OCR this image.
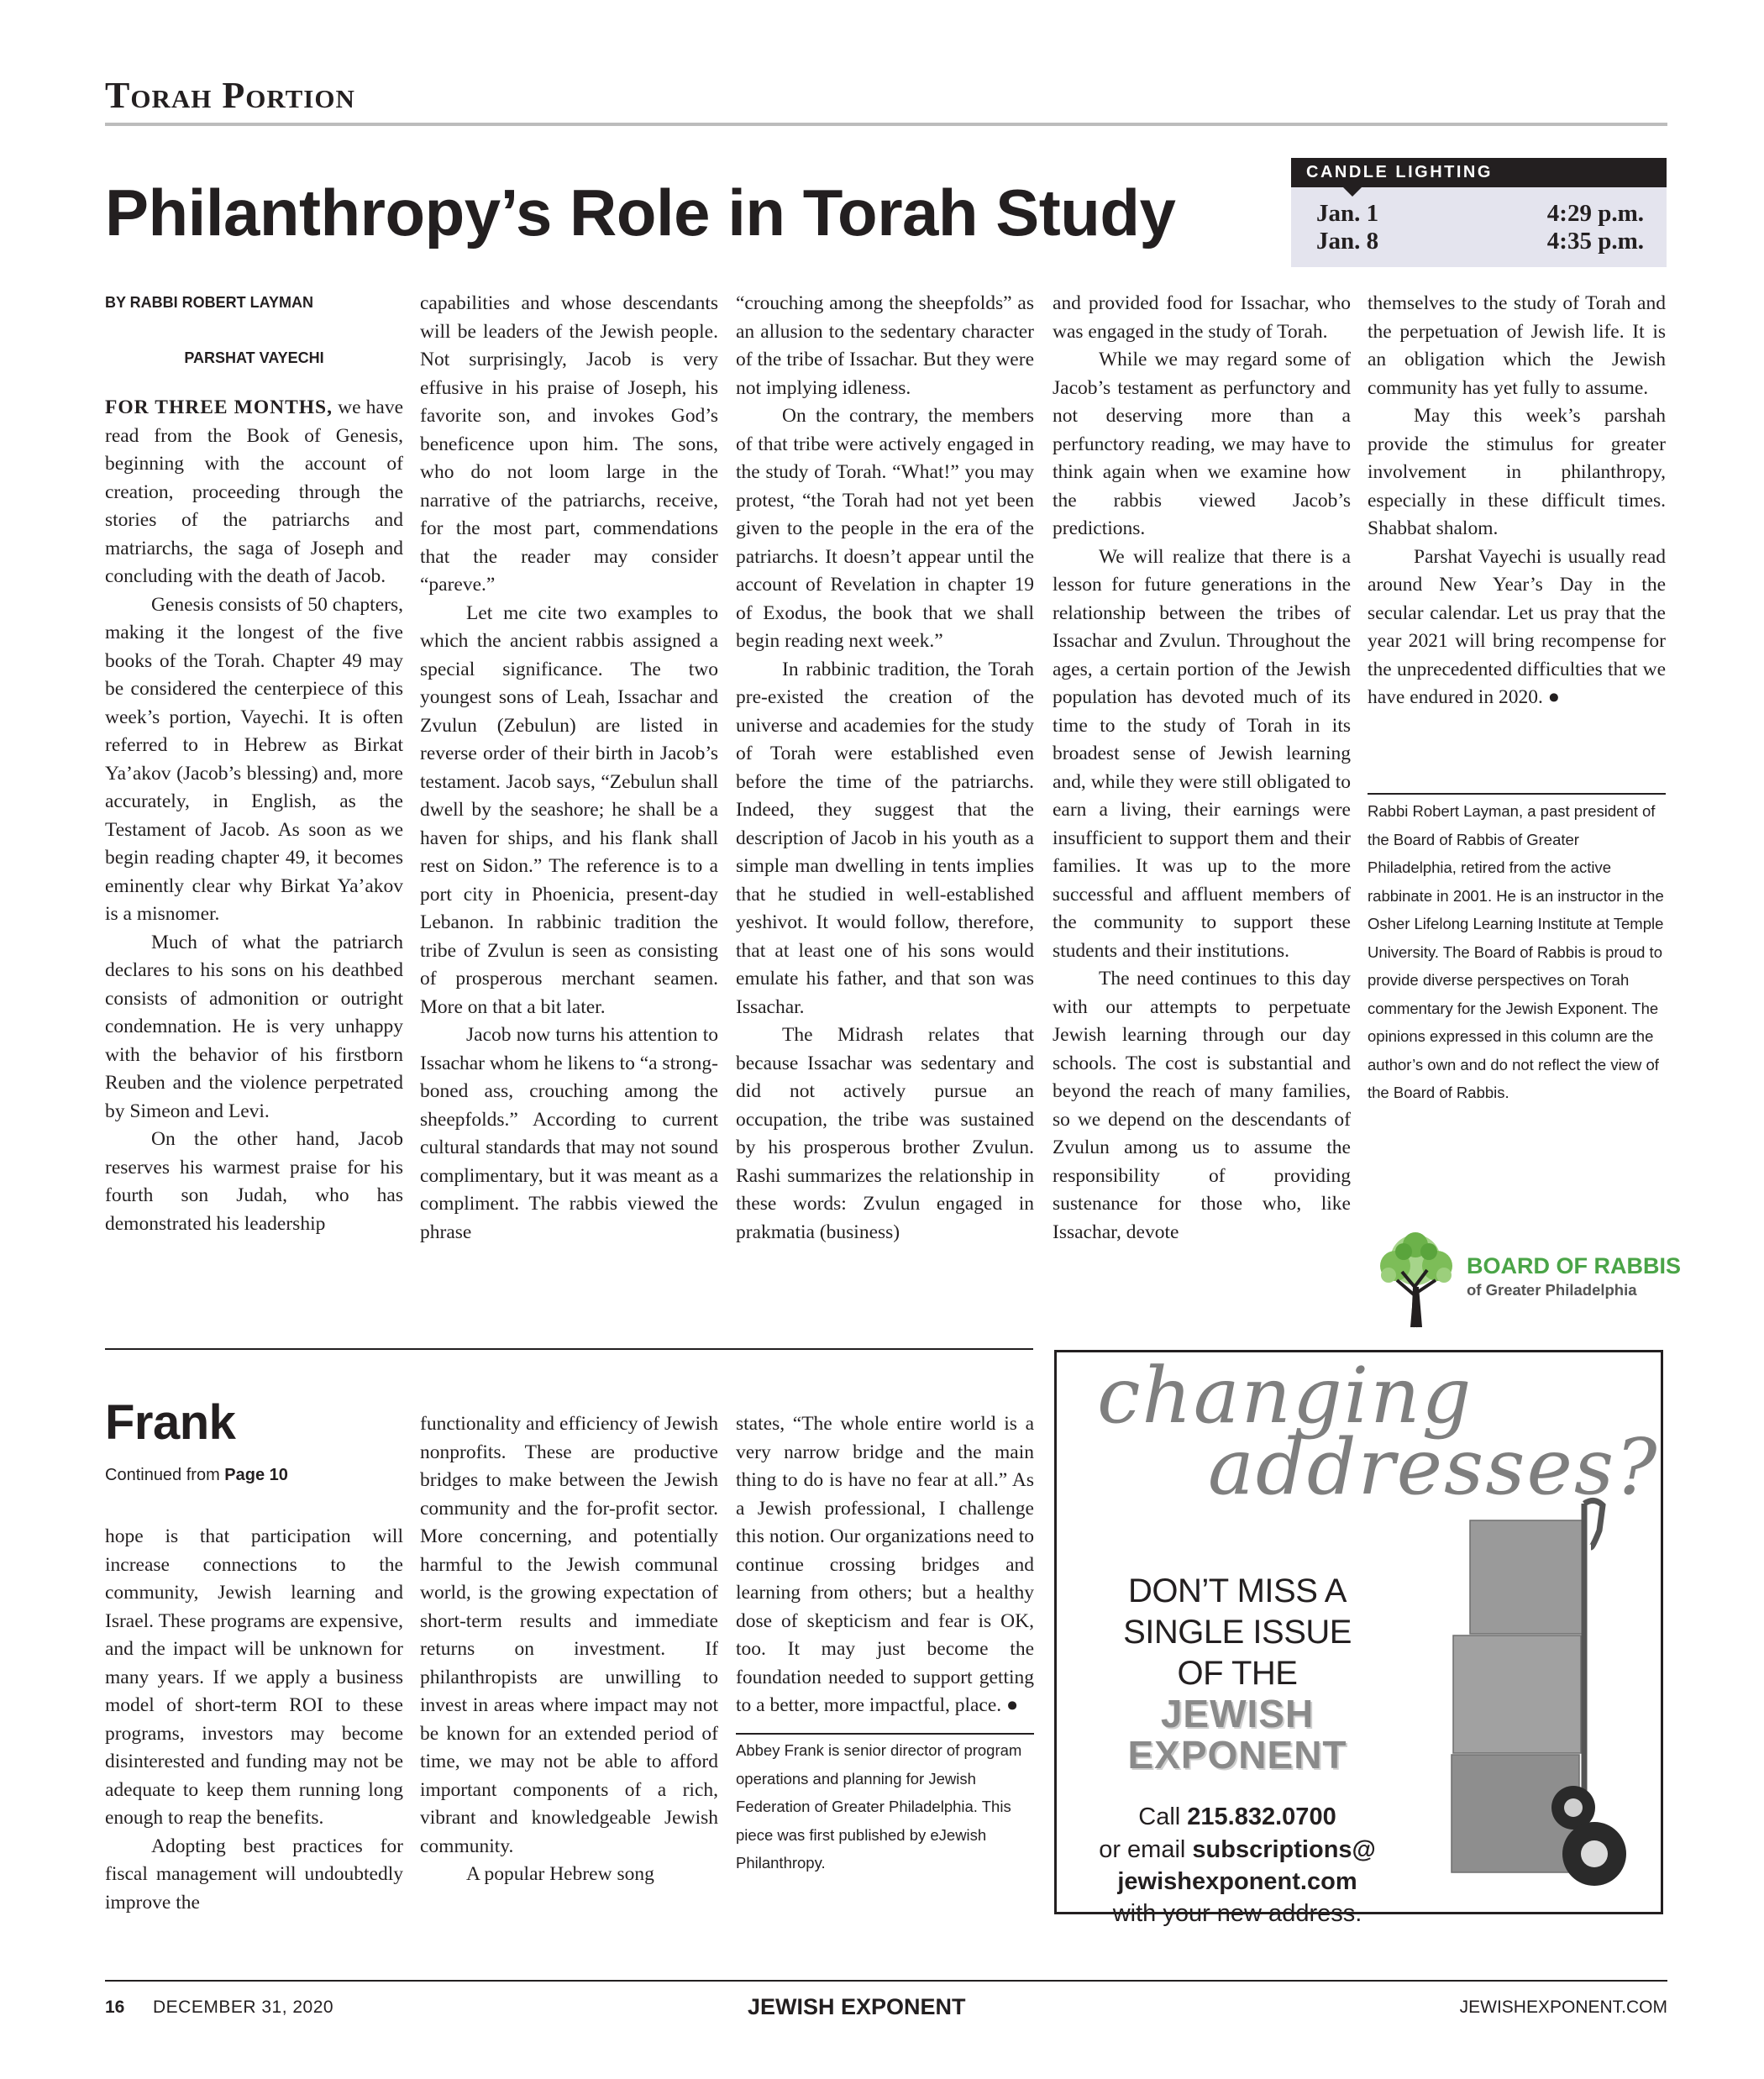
Torah Portion
Philanthropy’s Role in Torah Study
CANDLE LIGHTING
Jan. 1	4:29 p.m.
Jan. 8	4:35 p.m.
BY RABBI ROBERT LAYMAN
PARSHAT VAYECHI

FOR THREE MONTHS, we have read from the Book of Genesis, beginning with the account of creation, proceeding through the stories of the patriarchs and matriarchs, the saga of Joseph and concluding with the death of Jacob.

Genesis consists of 50 chapters, making it the longest of the five books of the Torah. Chapter 49 may be considered the centerpiece of this week’s portion, Vayechi. It is often referred to in Hebrew as Birkat Ya’akov (Jacob’s blessing) and, more accurately, in English, as the Testament of Jacob. As soon as we begin reading chapter 49, it becomes eminently clear why Birkat Ya’akov is a misnomer.

Much of what the patriarch declares to his sons on his deathbed consists of admonition or outright condemnation. He is very unhappy with the behavior of his firstborn Reuben and the violence perpetrated by Simeon and Levi.

On the other hand, Jacob reserves his warmest praise for his fourth son Judah, who has demonstrated his leadership

capabilities and whose descendants will be leaders of the Jewish people. Not surprisingly, Jacob is very effusive in his praise of Joseph, his favorite son, and invokes God’s beneficence upon him. The sons, who do not loom large in the narrative of the patriarchs, receive, for the most part, commendations that the reader may consider “pareve.”

Let me cite two examples to which the ancient rabbis assigned a special significance. The two youngest sons of Leah, Issachar and Zvulun (Zebulun) are listed in reverse order of their birth in Jacob’s testament. Jacob says, “Zebulun shall dwell by the seashore; he shall be a haven for ships, and his flank shall rest on Sidon.” The reference is to a port city in Phoenicia, present-day Lebanon. In rabbinic tradition the tribe of Zvulun is seen as consisting of prosperous merchant seamen. More on that a bit later.

Jacob now turns his attention to Issachar whom he likens to “a strong-boned ass, crouching among the sheepfolds.” According to current cultural standards that may not sound complimentary, but it was meant as a compliment. The rabbis viewed the phrase

“crouching among the sheepfolds” as an allusion to the sedentary character of the tribe of Issachar. But they were not implying idleness.

On the contrary, the members of that tribe were actively engaged in the study of Torah. “What!” you may protest, “the Torah had not yet been given to the people in the era of the patriarchs. It doesn’t appear until the account of Revelation in chapter 19 of Exodus, the book that we shall begin reading next week.”

In rabbinic tradition, the Torah pre-existed the creation of the universe and academies for the study of Torah were established even before the time of the patriarchs. Indeed, they suggest that the description of Jacob in his youth as a simple man dwelling in tents implies that he studied in well-established yeshivot. It would follow, therefore, that at least one of his sons would emulate his father, and that son was Issachar.

The Midrash relates that because Issachar was sedentary and did not actively pursue an occupation, the tribe was sustained by his prosperous brother Zvulun. Rashi summarizes the relationship in these words: Zvulun engaged in prakmatia (business)

and provided food for Issachar, who was engaged in the study of Torah.

While we may regard some of Jacob’s testament as perfunctory and not deserving more than a perfunctory reading, we may have to think again when we examine how the rabbis viewed Jacob’s predictions.

We will realize that there is a lesson for future generations in the relationship between the tribes of Issachar and Zvulun. Throughout the ages, a certain portion of the Jewish population has devoted much of its time to the study of Torah in its broadest sense of Jewish learning and, while they were still obligated to earn a living, their earnings were insufficient to support them and their families. It was up to the more successful and affluent members of the community to support these students and their institutions.

The need continues to this day with our attempts to perpetuate Jewish learning through our day schools. The cost is substantial and beyond the reach of many families, so we depend on the descendants of Zvulun among us to assume the responsibility of providing sustenance for those who, like Issachar, devote

themselves to the study of Torah and the perpetuation of Jewish life. It is an obligation which the Jewish community has yet fully to assume.

May this week’s parshah provide the stimulus for greater involvement in philanthropy, especially in these difficult times. Shabbat shalom.

Parshat Vayechi is usually read around New Year’s Day in the secular calendar. Let us pray that the year 2021 will bring recompense for the unprecedented difficulties that we have endured in 2020. ●

Rabbi Robert Layman, a past president of the Board of Rabbis of Greater Philadelphia, retired from the active rabbinate in 2001. He is an instructor in the Osher Lifelong Learning Institute at Temple University. The Board of Rabbis is proud to provide diverse perspectives on Torah commentary for the Jewish Exponent. The opinions expressed in this column are the author’s own and do not reflect the view of the Board of Rabbis.
BOARD OF RABBIS
of Greater Philadelphia
Frank
Continued from Page 10

hope is that participation will increase connections to the community, Jewish learning and Israel. These programs are expensive, and the impact will be unknown for many years. If we apply a business model of short-term ROI to these programs, investors may become disinterested and funding may not be adequate to keep them running long enough to reap the benefits.

Adopting best practices for fiscal management will undoubtedly improve the

functionality and efficiency of Jewish nonprofits. These are productive bridges to make between the Jewish community and the for-profit sector. More concerning, and potentially harmful to the Jewish communal world, is the growing expectation of short-term results and immediate returns on investment. If philanthropists are unwilling to invest in areas where impact may not be known for an extended period of time, we may not be able to afford important components of a rich, vibrant and knowledgeable Jewish community.

A popular Hebrew song

states, “The whole entire world is a very narrow bridge and the main thing to do is have no fear at all.” As a Jewish professional, I challenge this notion. Our organizations need to continue crossing bridges and learning from others; but a healthy dose of skepticism and fear is OK, too. It may just become the foundation needed to support getting to a better, more impactful, place. ●

Abbey Frank is senior director of program operations and planning for Jewish Federation of Greater Philadelphia. This piece was first published by eJewish Philanthropy.
changing
addresses?
DON’T MISS A
SINGLE ISSUE
OF THE
JEWISH
EXPONENT
Call 215.832.0700
or email subscriptions@
jewishexponent.com
with your new address.
16 DECEMBER 31, 2020	JEWISH EXPONENT	JEWISHEXPONENT.COM
